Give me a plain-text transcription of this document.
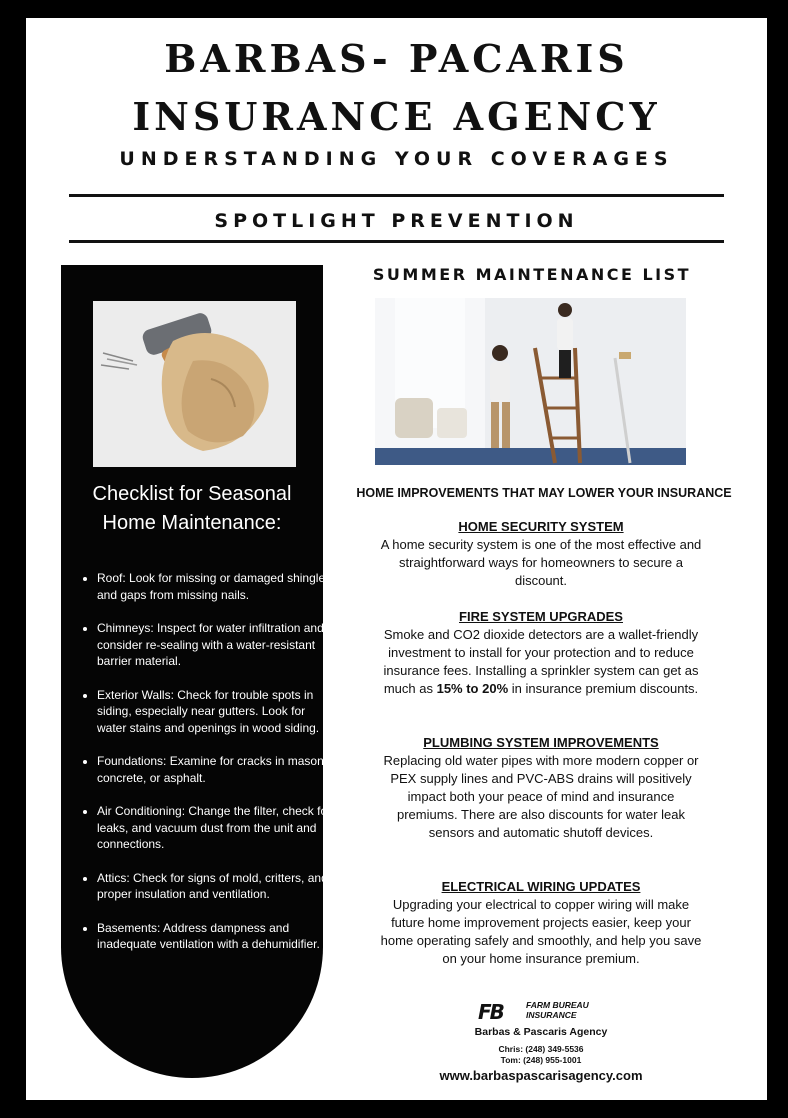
BARBAS- PACARIS
INSURANCE AGENCY
UNDERSTANDING YOUR COVERAGES
SPOTLIGHT PREVENTION
Checklist for Seasonal
Home Maintenance:
• Roof: Look for missing or damaged shingles, and gaps from missing nails.
• Chimneys: Inspect for water infiltration and consider re-sealing with a water-resistant barrier material.
• Exterior Walls: Check for trouble spots in siding, especially near gutters. Look for water stains and openings in wood siding.
• Foundations: Examine for cracks in masonry, concrete, or asphalt.
• Air Conditioning: Change the filter, check for leaks, and vacuum dust from the unit and connections.
• Attics: Check for signs of mold, critters, and proper insulation and ventilation.
• Basements: Address dampness and inadequate ventilation with a dehumidifier.
SUMMER MAINTENANCE LIST
HOME IMPROVEMENTS THAT MAY LOWER YOUR INSURANCE
HOME SECURITY SYSTEM
A home security system is one of the most effective and straightforward ways for homeowners to secure a discount.
FIRE SYSTEM UPGRADES
Smoke and CO2 dioxide detectors are a wallet-friendly investment to install for your protection and to reduce insurance fees. Installing a sprinkler system can get as much as 15% to 20% in insurance premium discounts.
PLUMBING SYSTEM IMPROVEMENTS
Replacing old water pipes with more modern copper or PEX supply lines and PVC-ABS drains will positively impact both your peace of mind and insurance premiums. There are also discounts for water leak sensors and automatic shutoff devices.
ELECTRICAL WIRING UPDATES
Upgrading your electrical to copper wiring will make future home improvement projects easier, keep your home operating safely and smoothly, and help you save on your home insurance premium.
FB	FARM BUREAU
INSURANCE
Barbas & Pascaris Agency
Chris: (248) 349-5536
Tom: (248) 955-1001
www.barbaspascarisagency.com
